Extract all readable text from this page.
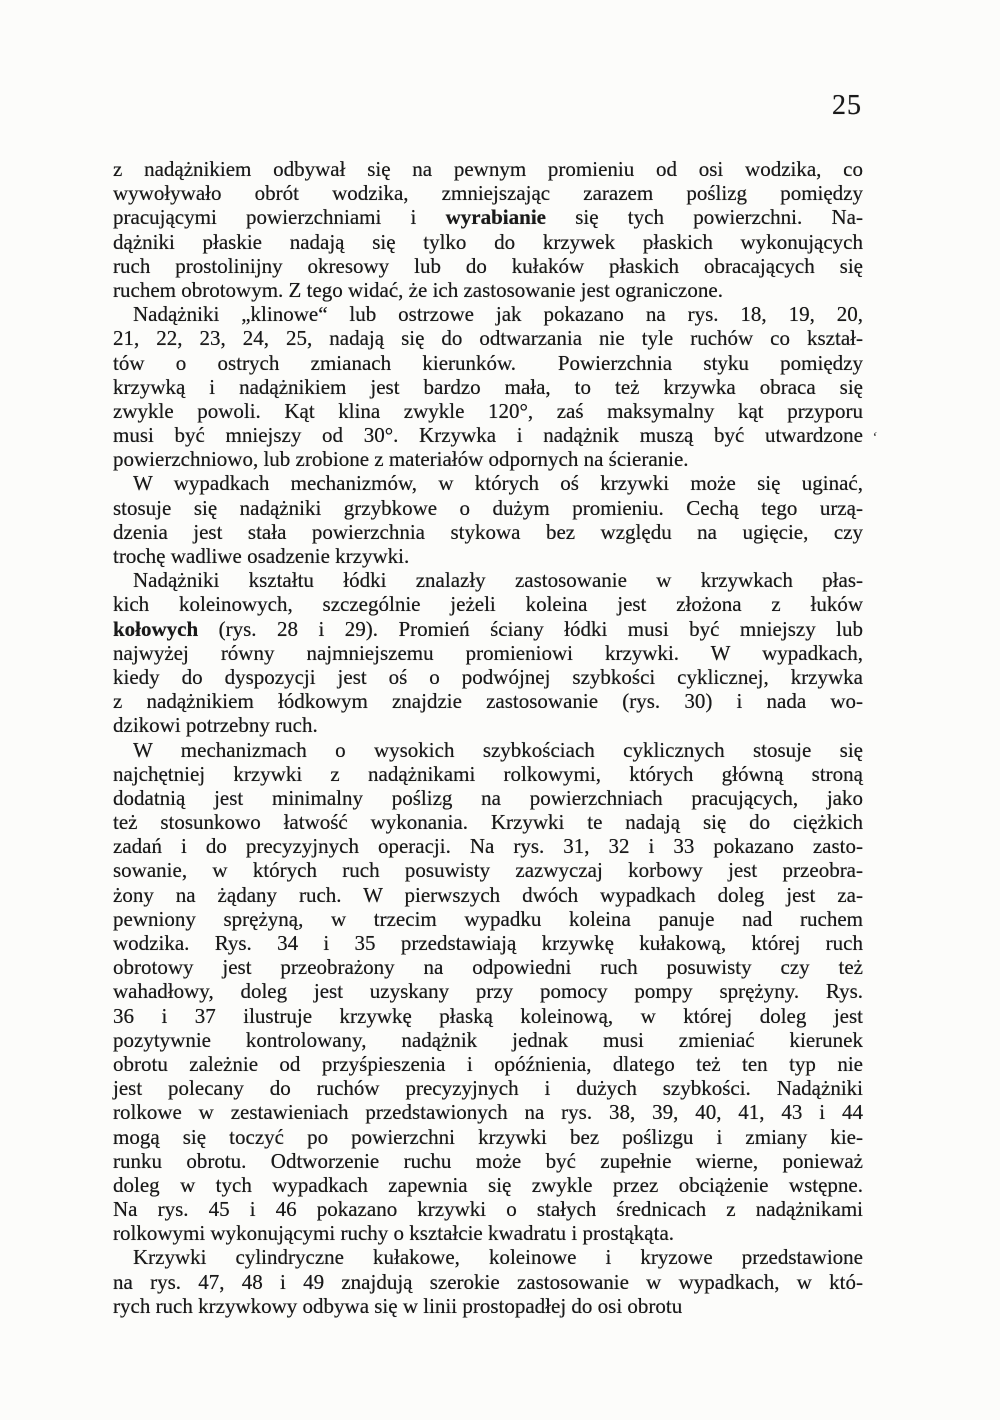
25
z nadążnikiem odbywał się na pewnym promieniu od osi wodzika, co
wywoływało obrót wodzika, zmniejszając zarazem poślizg pomiędzy
pracującymi powierzchniami i wyrabianie się tych powierzchni. Na-
dążniki płaskie nadają się tylko do krzywek płaskich wykonujących
ruch prostolinijny okresowy lub do kułaków płaskich obracających się
ruchem obrotowym. Z tego widać, że ich zastosowanie jest ograniczone.
Nadążniki „klinowe“ lub ostrzowe jak pokazano na rys. 18, 19, 20,
21, 22, 23, 24, 25, nadają się do odtwarzania nie tyle ruchów co kształ-
tów o ostrych zmianach kierunków.  Powierzchnia styku pomiędzy
krzywką i nadążnikiem jest bardzo mała, to też krzywka obraca się
zwykle powoli. Kąt klina zwykle 120°, zaś maksymalny kąt przyporu
musi być mniejszy od 30°. Krzywka i nadążnik muszą być utwardzone
powierzchniowo, lub zrobione z materiałów odpornych na ścieranie.
W wypadkach mechanizmów, w których oś krzywki może się uginać,
stosuje się nadążniki grzybkowe o dużym promieniu. Cechą tego urzą-
dzenia jest stała powierzchnia stykowa bez względu na ugięcie, czy
trochę wadliwe osadzenie krzywki.
Nadążniki kształtu łódki znalazły zastosowanie w krzywkach płas-
kich koleinowych, szczególnie jeżeli koleina jest złożona z łuków
kołowych (rys. 28 i 29). Promień ściany łódki musi być mniejszy lub
najwyżej równy najmniejszemu promieniowi krzywki. W wypadkach,
kiedy do dyspozycji jest oś o podwójnej szybkości cyklicznej, krzywka
z nadążnikiem łódkowym znajdzie zastosowanie (rys. 30) i nada wo-
dzikowi potrzebny ruch.
W mechanizmach o wysokich szybkościach cyklicznych stosuje się
najchętniej krzywki z nadążnikami rolkowymi, których główną stroną
dodatnią jest minimalny poślizg na powierzchniach pracujących, jako
też stosunkowo łatwość wykonania. Krzywki te nadają się do ciężkich
zadań i do precyzyjnych operacji. Na rys. 31, 32 i 33 pokazano zasto-
sowanie, w których ruch posuwisty zazwyczaj korbowy jest przeobra-
żony na żądany ruch. W pierwszych dwóch wypadkach doleg jest za-
pewniony sprężyną, w trzecim wypadku koleina panuje nad ruchem
wodzika. Rys. 34 i 35 przedstawiają krzywkę kułakową, której ruch
obrotowy jest przeobrażony na odpowiedni ruch posuwisty czy też
wahadłowy, doleg jest uzyskany przy pomocy pompy sprężyny. Rys.
36 i 37 ilustruje krzywkę płaską koleinową, w której doleg jest
pozytywnie kontrolowany, nadążnik jednak musi zmieniać kierunek
obrotu zależnie od przyśpieszenia i opóźnienia, dlatego też ten typ nie
jest polecany do ruchów precyzyjnych i dużych szybkości. Nadążniki
rolkowe w zestawieniach przedstawionych na rys. 38, 39, 40, 41, 43 i 44
mogą się toczyć po powierzchni krzywki bez poślizgu i zmiany kie-
runku obrotu. Odtworzenie ruchu może być zupełnie wierne, ponieważ
doleg w tych wypadkach zapewnia się zwykle przez obciążenie wstępne.
Na rys. 45 i 46 pokazano krzywki o stałych średnicach z nadążnikami
rolkowymi wykonującymi ruchy o kształcie kwadratu i prostąkąta.
Krzywki cylindryczne kułakowe, koleinowe i kryzowe przedstawione
na rys. 47, 48 i 49 znajdują szerokie zastosowanie w wypadkach, w któ-
rych ruch krzywkowy odbywa się w linii prostopadłej do osi obrotu
ʻ
